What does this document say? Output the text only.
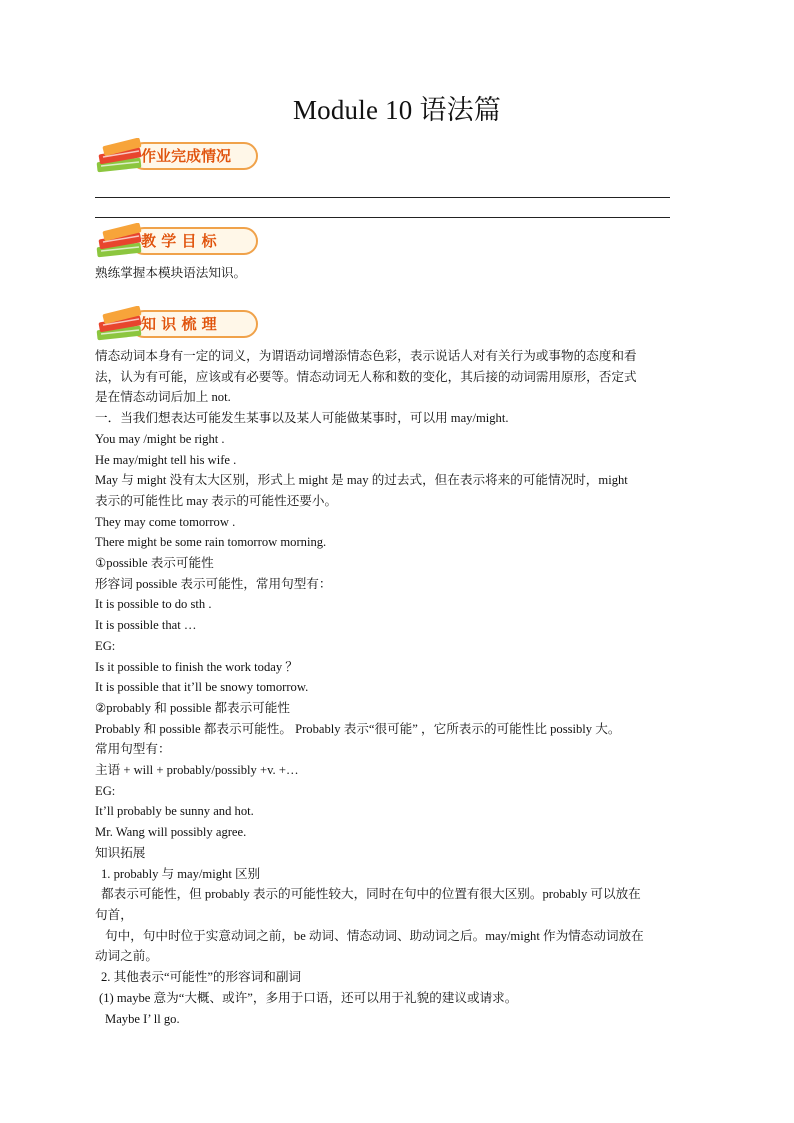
Module 10 语法篇
作业完成情况
教 学 目 标

熟练掌握本模块语法知识。

知 识 梳 理

情态动词本身有一定的词义，为谓语动词增添情态色彩，表示说话人对有关行为或事物的态度和看

法，认为有可能，应该或有必要等。情态动词无人称和数的变化，其后接的动词需用原形，否定式

是在情态动词后加上 not.

一．当我们想表达可能发生某事以及某人可能做某事时，可以用 may/might.

You may /might be right .

He may/might tell his wife .

May 与 might 没有太大区别，形式上 might 是 may 的过去式，但在表示将来的可能情况时，might

表示的可能性比 may 表示的可能性还要小。

They may come tomorrow .

There might be some rain tomorrow morning.

①possible 表示可能性

形容词 possible 表示可能性，常用句型有：

It is possible to do sth .

It is possible that …

EG:

Is it possible to finish the work today ？

It is possible that it’ll be snowy tomorrow.

②probably 和 possible 都表示可能性

Probably 和 possible 都表示可能性。 Probably 表示“很可能” ，它所表示的可能性比 possibly 大。

常用句型有：

主语 + will + probably/possibly +v. +…

EG:

It’ll probably be sunny and hot.

Mr. Wang will possibly agree.

知识拓展

1. probably 与 may/might 区别

都表示可能性，但 probably 表示的可能性较大，同时在句中的位置有很大区别。probably 可以放在

句首，

句中，句中时位于实意动词之前，be 动词、情态动词、助动词之后。may/might 作为情态动词放在

动词之前。

2. 其他表示“可能性”的形容词和副词

(1) maybe 意为“大概、或许”，多用于口语，还可以用于礼貌的建议或请求。

Maybe I’ ll go.
